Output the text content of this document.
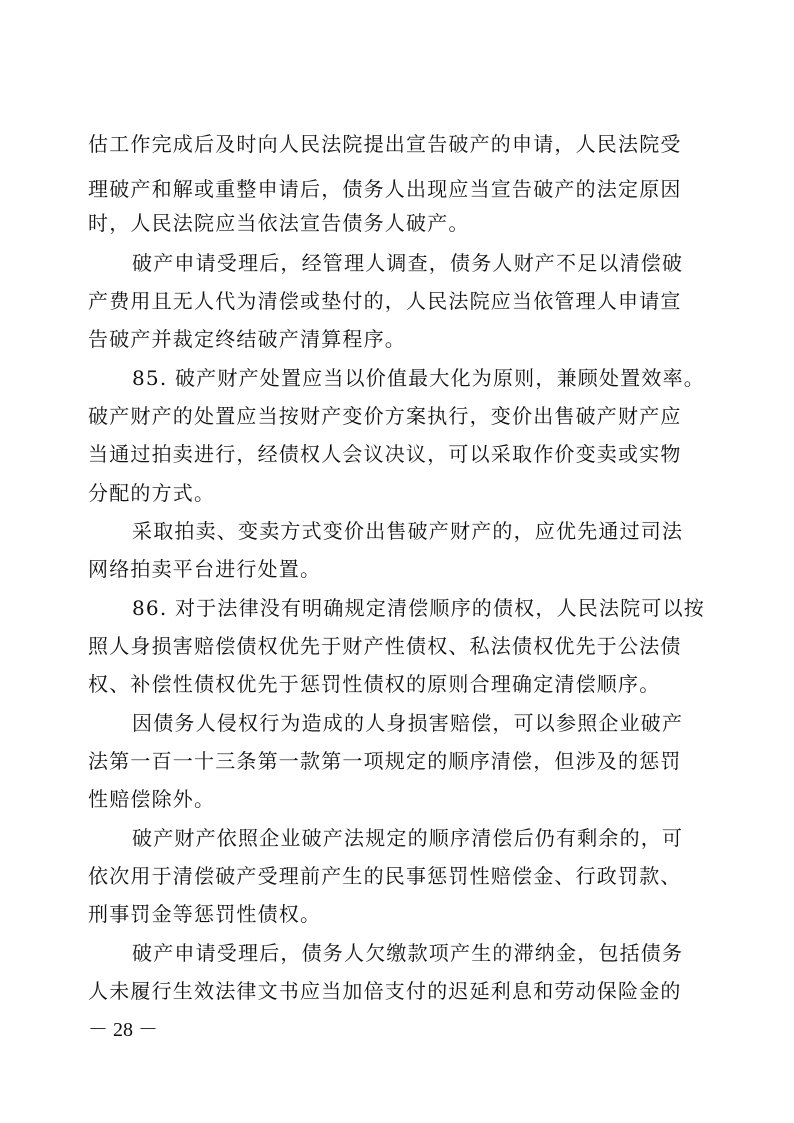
估工作完成后及时向人民法院提出宣告破产的申请，人民法院受
理破产和解或重整申请后，债务人出现应当宣告破产的法定原因
时，人民法院应当依法宣告债务人破产。
破产申请受理后，经管理人调查，债务人财产不足以清偿破
产费用且无人代为清偿或垫付的，人民法院应当依管理人申请宣
告破产并裁定终结破产清算程序。
85. 破产财产处置应当以价值最大化为原则，兼顾处置效率。
破产财产的处置应当按财产变价方案执行，变价出售破产财产应
当通过拍卖进行，经债权人会议决议，可以采取作价变卖或实物
分配的方式。
采取拍卖、变卖方式变价出售破产财产的，应优先通过司法
网络拍卖平台进行处置。
86. 对于法律没有明确规定清偿顺序的债权，人民法院可以按
照人身损害赔偿债权优先于财产性债权、私法债权优先于公法债
权、补偿性债权优先于惩罚性债权的原则合理确定清偿顺序。
因债务人侵权行为造成的人身损害赔偿，可以参照企业破产
法第一百一十三条第一款第一项规定的顺序清偿，但涉及的惩罚
性赔偿除外。
破产财产依照企业破产法规定的顺序清偿后仍有剩余的，可
依次用于清偿破产受理前产生的民事惩罚性赔偿金、行政罚款、
刑事罚金等惩罚性债权。
破产申请受理后，债务人欠缴款项产生的滞纳金，包括债务
人未履行生效法律文书应当加倍支付的迟延利息和劳动保险金的
－ 28 －
